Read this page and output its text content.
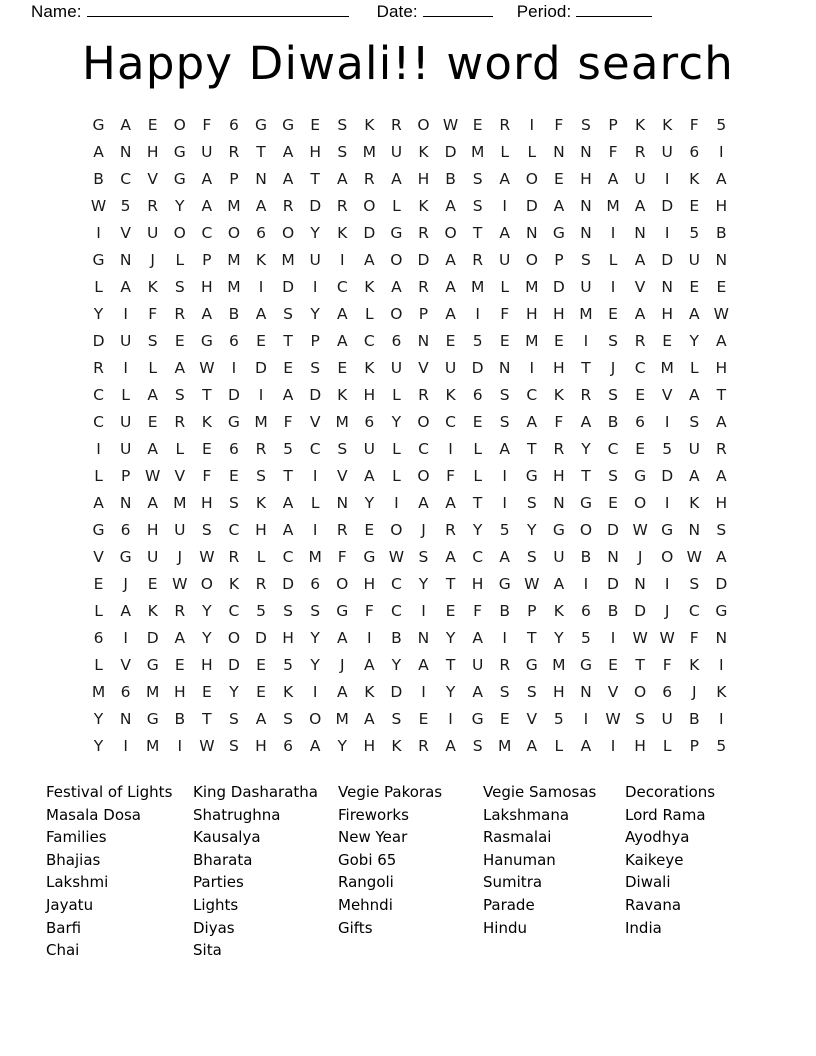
Name:	Date:	Period:
Happy Diwali!! word search
G	A	E	O	F	6	G G	E	S	K	R	O W E	R	I	F	S	P	K	K	F	5
A	N H G U	R	T	A	H	S M U	K	D M	L	L	N N	F	R	U	6	I
B	C	V	G	A	P	N	A	T	A	R	A	H	B	S	A	O	E	H	A	U	I	K	A
W 5	R	Y	A M A	R	D	R	O	L	K	A	S	I	D	A	N M A	D	E	H
I	V	U O	C	O	6	O	Y	K	D G	R	O	T	A	N G N	I	N	I	5	B
G N	J	L	P	M K M U	I	A	O D	A	R	U O	P	S	L	A	D U	N
L	A	K	S	H M	I	D	I	C	K	A	R	A M	L	M D U	I	V	N	E	E
Y	I	F	R	A	B	A	S	Y	A	L	O	P	A	I	F	H H M	E	A	H	A W
D U	S	E	G	6	E	T	P	A	C	6	N	E	5	E M	E	I	S	R	E	Y	A
R	I	L	A W	I	D	E	S	E	K	U	V	U D N	I	H	T	J	C M	L	H
C	L	A	S	T	D	I	A	D	K	H	L	R	K	6	S	C	K	R	S	E	V	A	T
C	U	E	R	K	G M	F	V M 6	Y	O	C	E	S	A	F	A	B	6	I	S	A
I	U	A	L	E	6	R	5	C	S	U	L	C	I	L	A	T	R	Y	C	E	5	U	R
L	P W V	F	E	S	T	I	V	A	L	O	F	L	I	G H	T	S	G D	A	A
A	N	A M H	S	K	A	L	N	Y	I	A	A	T	I	S	N G	E	O	I	K	H
G	6	H	U	S	C	H	A	I	R	E	O	J	R	Y	5	Y	G O D W G N	S
V	G U	J	W R	L	C M	F	G W S	A	C	A	S	U	B	N	J	O W A
E	J	E W O	K	R	D	6	O H	C	Y	T	H G W A	I	D N	I	S	D
L	A	K	R	Y	C	5	S	S	G	F	C	I	E	F	B	P	K	6	B	D	J	C	G
6	I	D	A	Y	O D H	Y	A	I	B	N	Y	A	I	T	Y	5	I	W W F	N
L	V	G	E	H D	E	5	Y	J	A	Y	A	T	U	R	G M G	E	T	F	K	I
M 6 M H	E	Y	E	K	I	A	K	D	I	Y	A	S	S	H N	V	O	6	J	K
Y	N G	B	T	S	A	S	O M A	S	E	I	G	E	V	5	I	W S	U	B	I
Y	I	M	I	W S	H	6	A	Y	H	K	R	A	S M A	L	A	I	H	L	P	5
Festival of Lights
Masala Dosa
Families
Bhajias
Lakshmi
Jayatu
Barfi
Chai
King Dasharatha
Shatrughna
Kausalya
Bharata
Parties
Lights
Diyas
Sita
Vegie Pakoras
Fireworks
New Year
Gobi 65
Rangoli
Mehndi
Gifts
Vegie Samosas
Lakshmana
Rasmalai
Hanuman
Sumitra
Parade
Hindu
Decorations
Lord Rama
Ayodhya
Kaikeye
Diwali
Ravana
India
